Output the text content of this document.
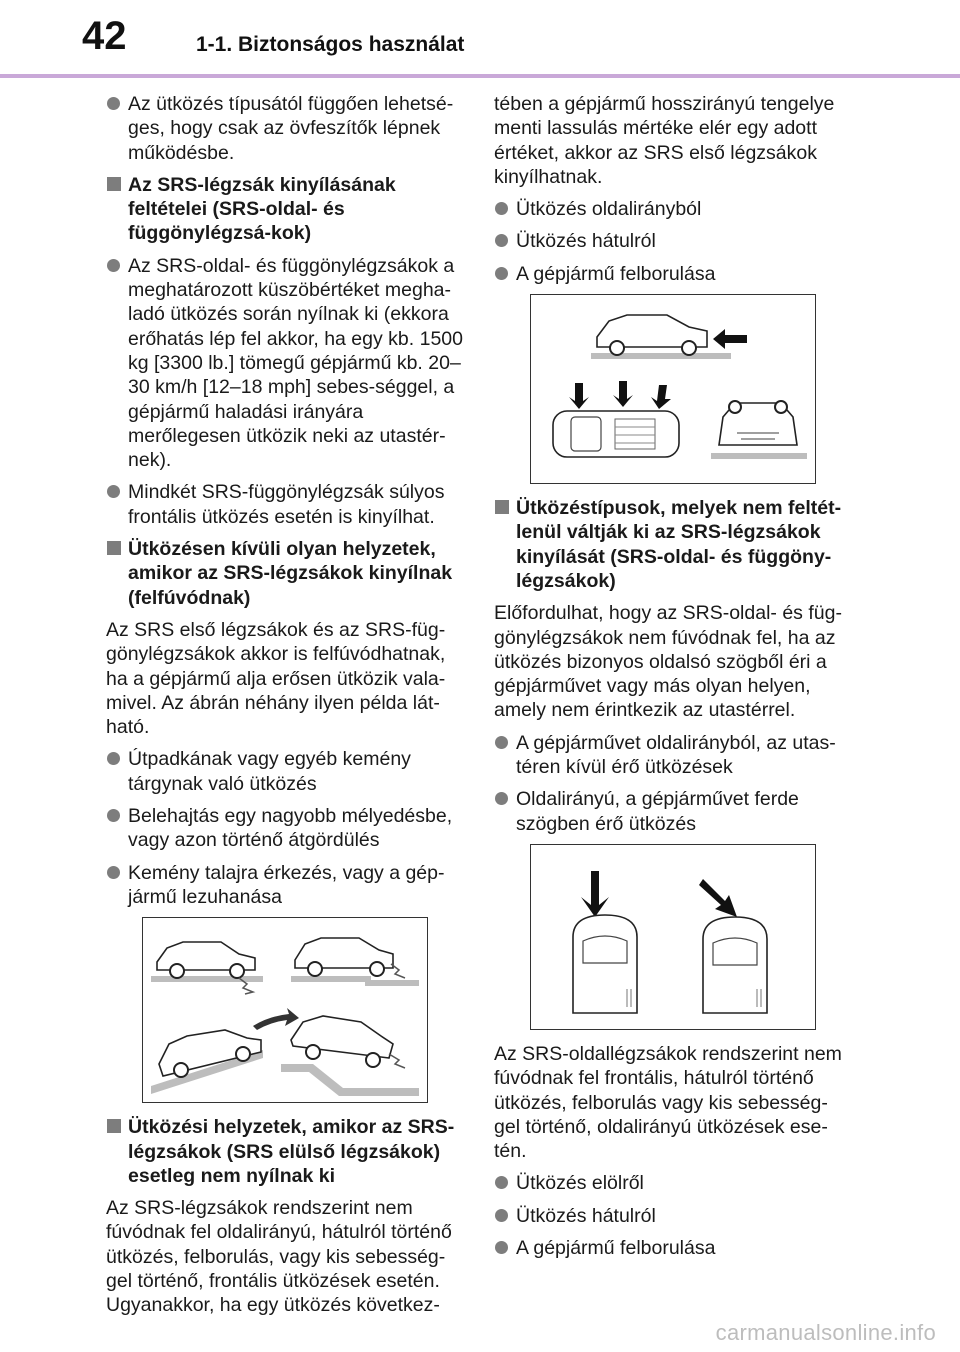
42	1-1. Biztonságos használat
Az ütközés típusától függően lehetsé-ges, hogy csak az övfeszítők lépnek működésbe.
Az SRS-légzsák kinyílásának feltételei (SRS-oldal- és függönylégzsá-kok)
Az SRS-oldal- és függönylégzsákok a meghatározott küszöbértéket megha-ladó ütközés során nyílnak ki (ekkora erőhatás lép fel akkor, ha egy kb. 1500 kg [3300 lb.] tömegű gépjármű kb. 20–30 km/h [12–18 mph] sebes-séggel, a gépjármű haladási irányára merőlegesen ütközik neki az utastér-nek).
Mindkét SRS-függönylégzsák súlyos frontális ütközés esetén is kinyílhat.
Ütközésen kívüli olyan helyzetek, amikor az SRS-légzsákok kinyílnak (felfúvódnak)
Az SRS első légzsákok és az SRS-füg-gönylégzsákok akkor is felfúvódhatnak, ha a gépjármű alja erősen ütközik vala-mivel. Az ábrán néhány ilyen példa lát-ható.
Útpadkának vagy egyéb kemény tárgynak való ütközés
Belehajtás egy nagyobb mélyedésbe, vagy azon történő átgördülés
Kemény talajra érkezés, vagy a gép-jármű lezuhanása
Ütközési helyzetek, amikor az SRS-légzsákok (SRS elülső légzsákok) esetleg nem nyílnak ki
Az SRS-légzsákok rendszerint nem fúvódnak fel oldalirányú, hátulról történő ütközés, felborulás, vagy kis sebesség-gel történő, frontális ütközések esetén. Ugyanakkor, ha egy ütközés következ-
tében a gépjármű hosszirányú tengelye menti lassulás mértéke elér egy adott értéket, akkor az SRS első légzsákok kinyílhatnak.
Ütközés oldalirányból
Ütközés hátulról
A gépjármű felborulása
Ütközéstípusok, melyek nem feltét-lenül váltják ki az SRS-légzsákok kinyílását (SRS-oldal- és függöny-légzsákok)
Előfordulhat, hogy az SRS-oldal- és füg-gönylégzsákok nem fúvódnak fel, ha az ütközés bizonyos oldalsó szögből éri a gépjárművet vagy más olyan helyen, amely nem érintkezik az utastérrel.
A gépjárművet oldalirányból, az utas-téren kívül érő ütközések
Oldalirányú, a gépjárművet ferde szögben érő ütközés
Az SRS-oldallégzsákok rendszerint nem fúvódnak fel frontális, hátulról történő ütközés, felborulás vagy kis sebesség-gel történő, oldalirányú ütközések ese-tén.
Ütközés elölről
Ütközés hátulról
A gépjármű felborulása
carmanualsonline.info
